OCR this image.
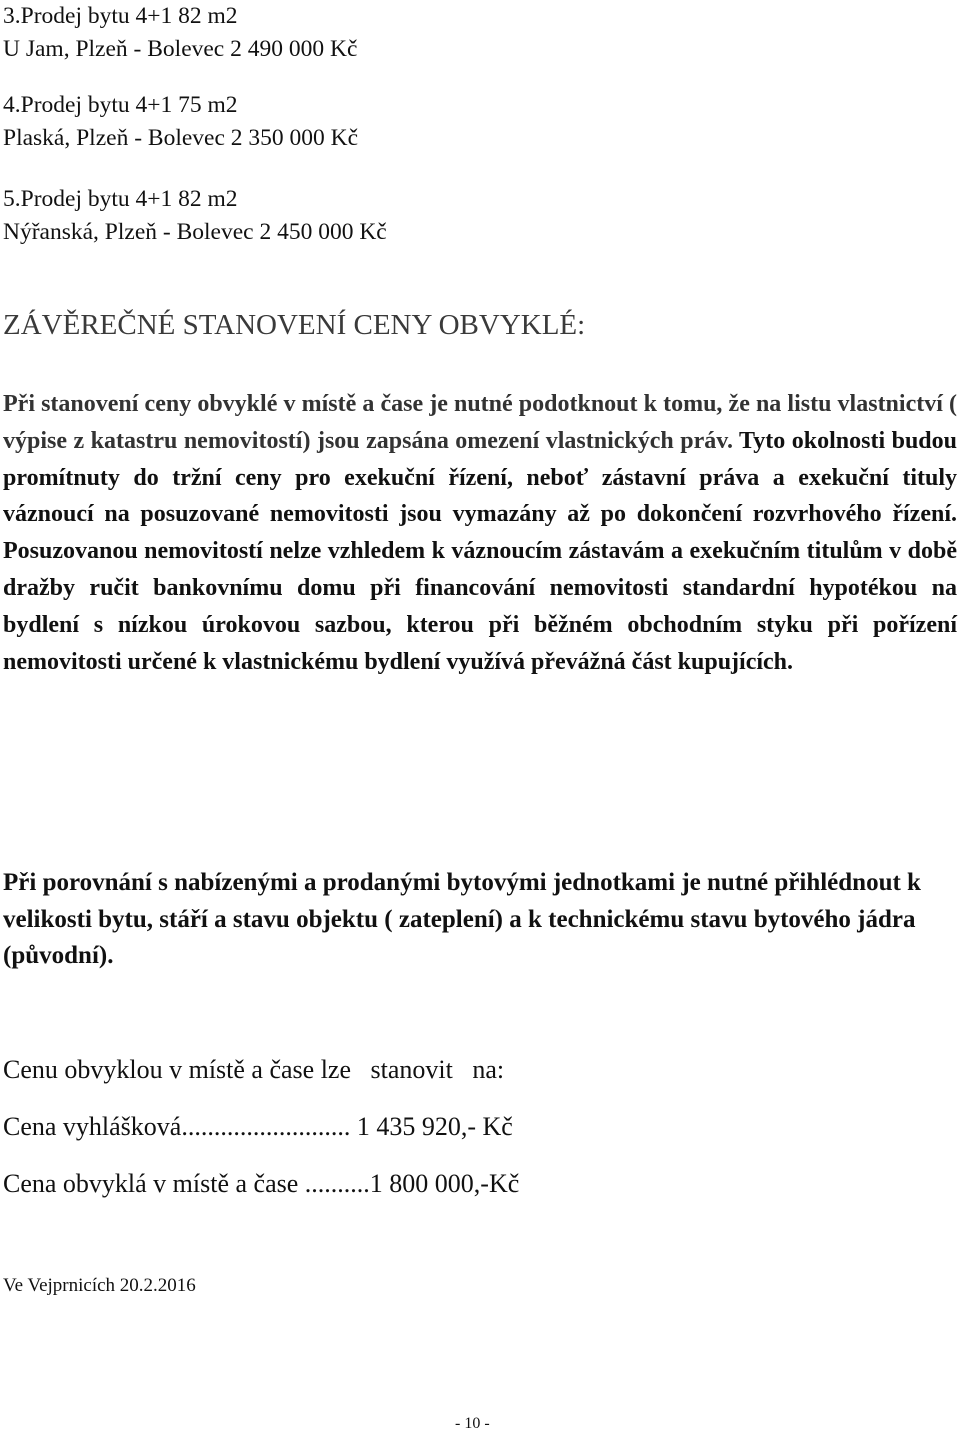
3.Prodej bytu 4+1 82 m2
U Jam, Plzeň - Bolevec 2 490 000 Kč
4.Prodej bytu 4+1 75 m2
Plaská, Plzeň - Bolevec 2 350 000 Kč
5.Prodej bytu 4+1 82 m2
Nýřanská, Plzeň - Bolevec 2 450 000 Kč
ZÁVĚREČNÉ STANOVENÍ CENY OBVYKLÉ:

Při stanovení ceny obvyklé v místě a čase je nutné podotknout k tomu, že na listu vlastnictví ( výpise z katastru nemovitostí) jsou zapsána omezení vlastnických práv. Tyto okolnosti budou promítnuty do tržní ceny pro exekuční řízení, neboť zástavní práva a exekuční tituly váznoucí na posuzované nemovitosti jsou vymazány až po dokončení rozvrhového řízení. Posuzovanou nemovitostí nelze vzhledem k váznoucím zástavám a exekučním titulům v době dražby ručit bankovnímu domu při financování nemovitosti standardní hypotékou na bydlení s nízkou úrokovou sazbou, kterou při běžném obchodním styku při pořízení nemovitosti určené k vlastnickému bydlení využívá převážná část kupujících.

Při porovnání s nabízenými a prodanými bytovými jednotkami je nutné přihlédnout k velikosti bytu, stáří a stavu objektu ( zateplení) a k technickému stavu bytového jádra (původní).

Cenu obvyklou v místě a čase lze   stanovit   na:
Cena vyhlášková.......................... 1 435 920,- Kč
Cena obvyklá v místě a čase ..........1 800 000,-Kč
Ve Vejprnicích 20.2.2016
- 10 -
